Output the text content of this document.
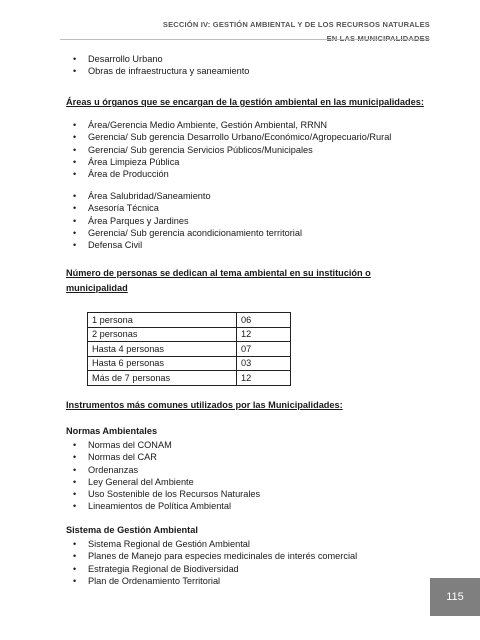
SECCIÓN IV: GESTIÓN AMBIENTAL Y DE LOS RECURSOS NATURALES
• Desarrollo Urbano
• Obras de infraestructura y saneamiento
Áreas u órganos que se encargan de la gestión ambiental en las municipalidades:
• Área/Gerencia Medio Ambiente, Gestión Ambiental, RRNN
• Gerencia/ Sub gerencia Desarrollo Urbano/Económico/Agropecuario/Rural
• Gerencia/ Sub gerencia Servicios Públicos/Municipales
• Área Limpieza Pública
• Área de Producción
• Área Salubridad/Saneamiento
• Asesoría Técnica
• Área Parques y Jardines
• Gerencia/ Sub gerencia acondicionamiento territorial
• Defensa Civil
Número de personas se dedican al tema ambiental en su institución o
municipalidad
1 persona	06
2 personas	12
Hasta 4 personas	07
Hasta 6 personas	03
Más de 7 personas	12
Instrumentos más comunes utilizados por las Municipalidades:
Normas Ambientales
• Normas del CONAM
• Normas del CAR
• Ordenanzas
• Ley General del Ambiente
• Uso Sostenible de los Recursos Naturales
• Lineamientos de Política Ambiental
Sistema de Gestión Ambiental
• Sistema Regional de Gestión Ambiental
• Planes de Manejo para especies medicinales de interés comercial
• Estrategia Regional de Biodiversidad
• Plan de Ordenamiento Territorial
115
